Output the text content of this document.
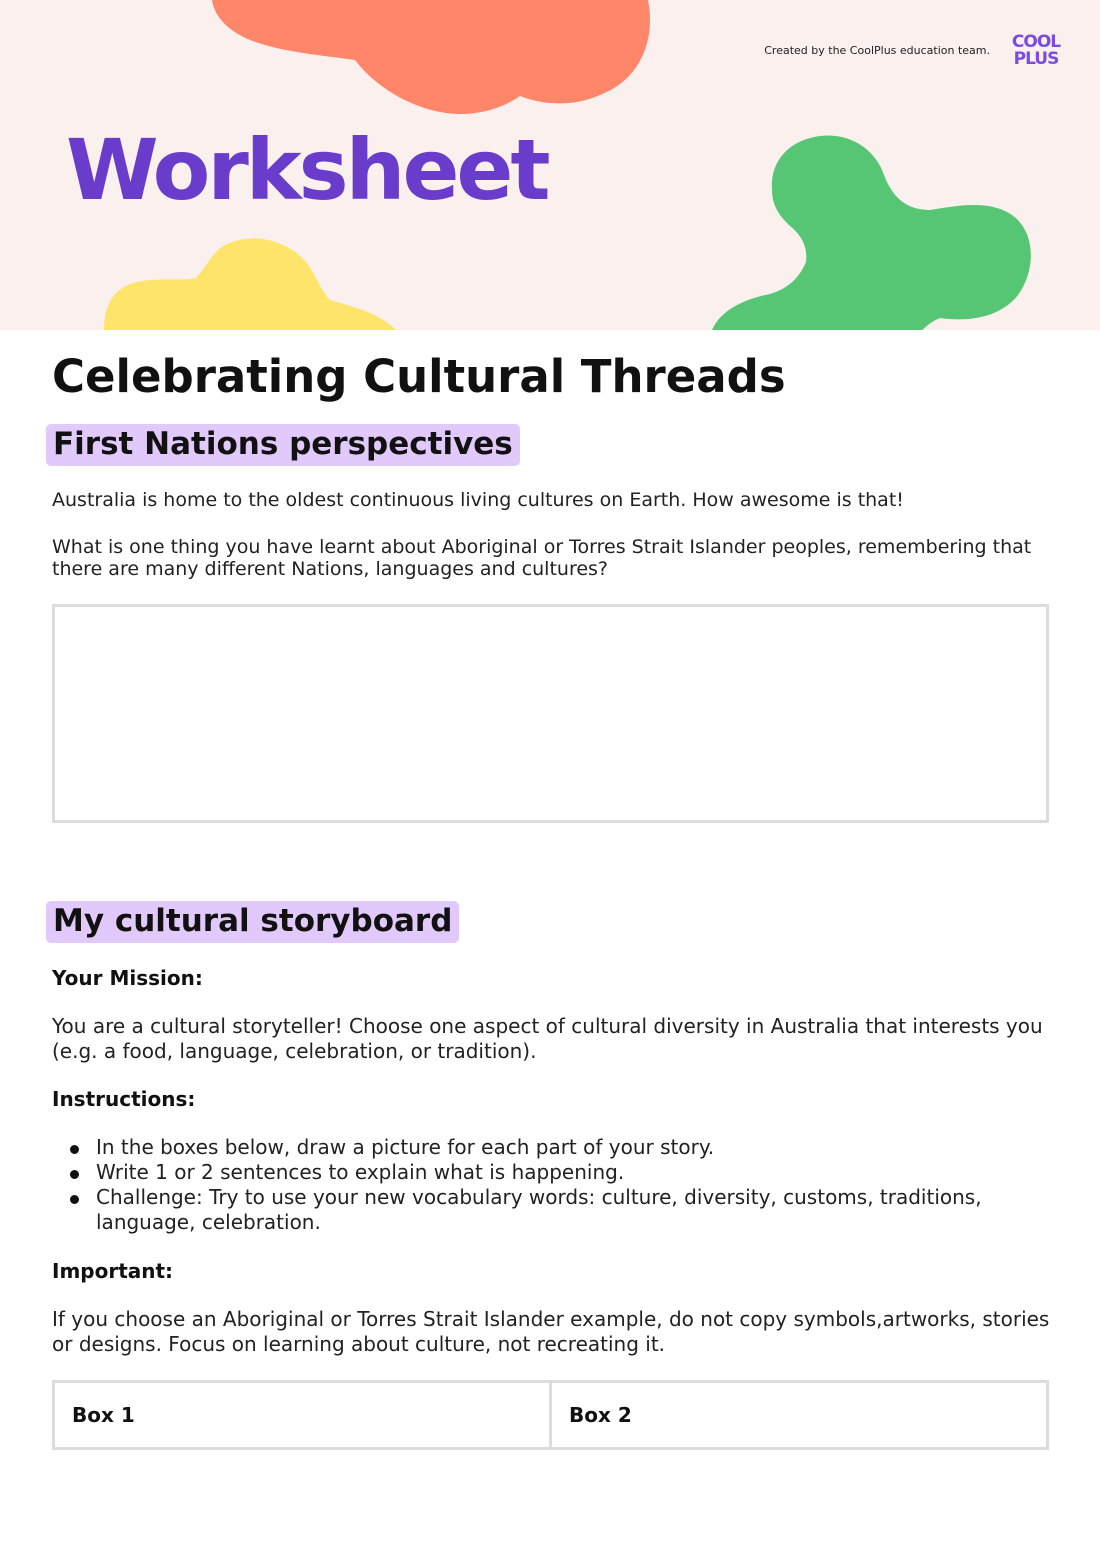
Worksheet
Created by the CoolPlus education team.	COOL
PLUS
Celebrating Cultural Threads
First Nations perspectives

Australia is home to the oldest continuous living cultures on Earth. How awesome is that!

What is one thing you have learnt about Aboriginal or Torres Strait Islander peoples, remembering that there are many different Nations, languages and cultures?

My cultural storyboard
Your Mission:

You are a cultural storyteller! Choose one aspect of cultural diversity in Australia that interests you (e.g. a food, language, celebration, or tradition).

Instructions:
In the boxes below, draw a picture for each part of your story.
Write 1 or 2 sentences to explain what is happening.
Challenge: Try to use your new vocabulary words: culture, diversity, customs, traditions, language, celebration.
Important:

If you choose an Aboriginal or Torres Strait Islander example, do not copy symbols,artworks, stories or designs. Focus on learning about culture, not recreating it.

Box 1	Box 2
